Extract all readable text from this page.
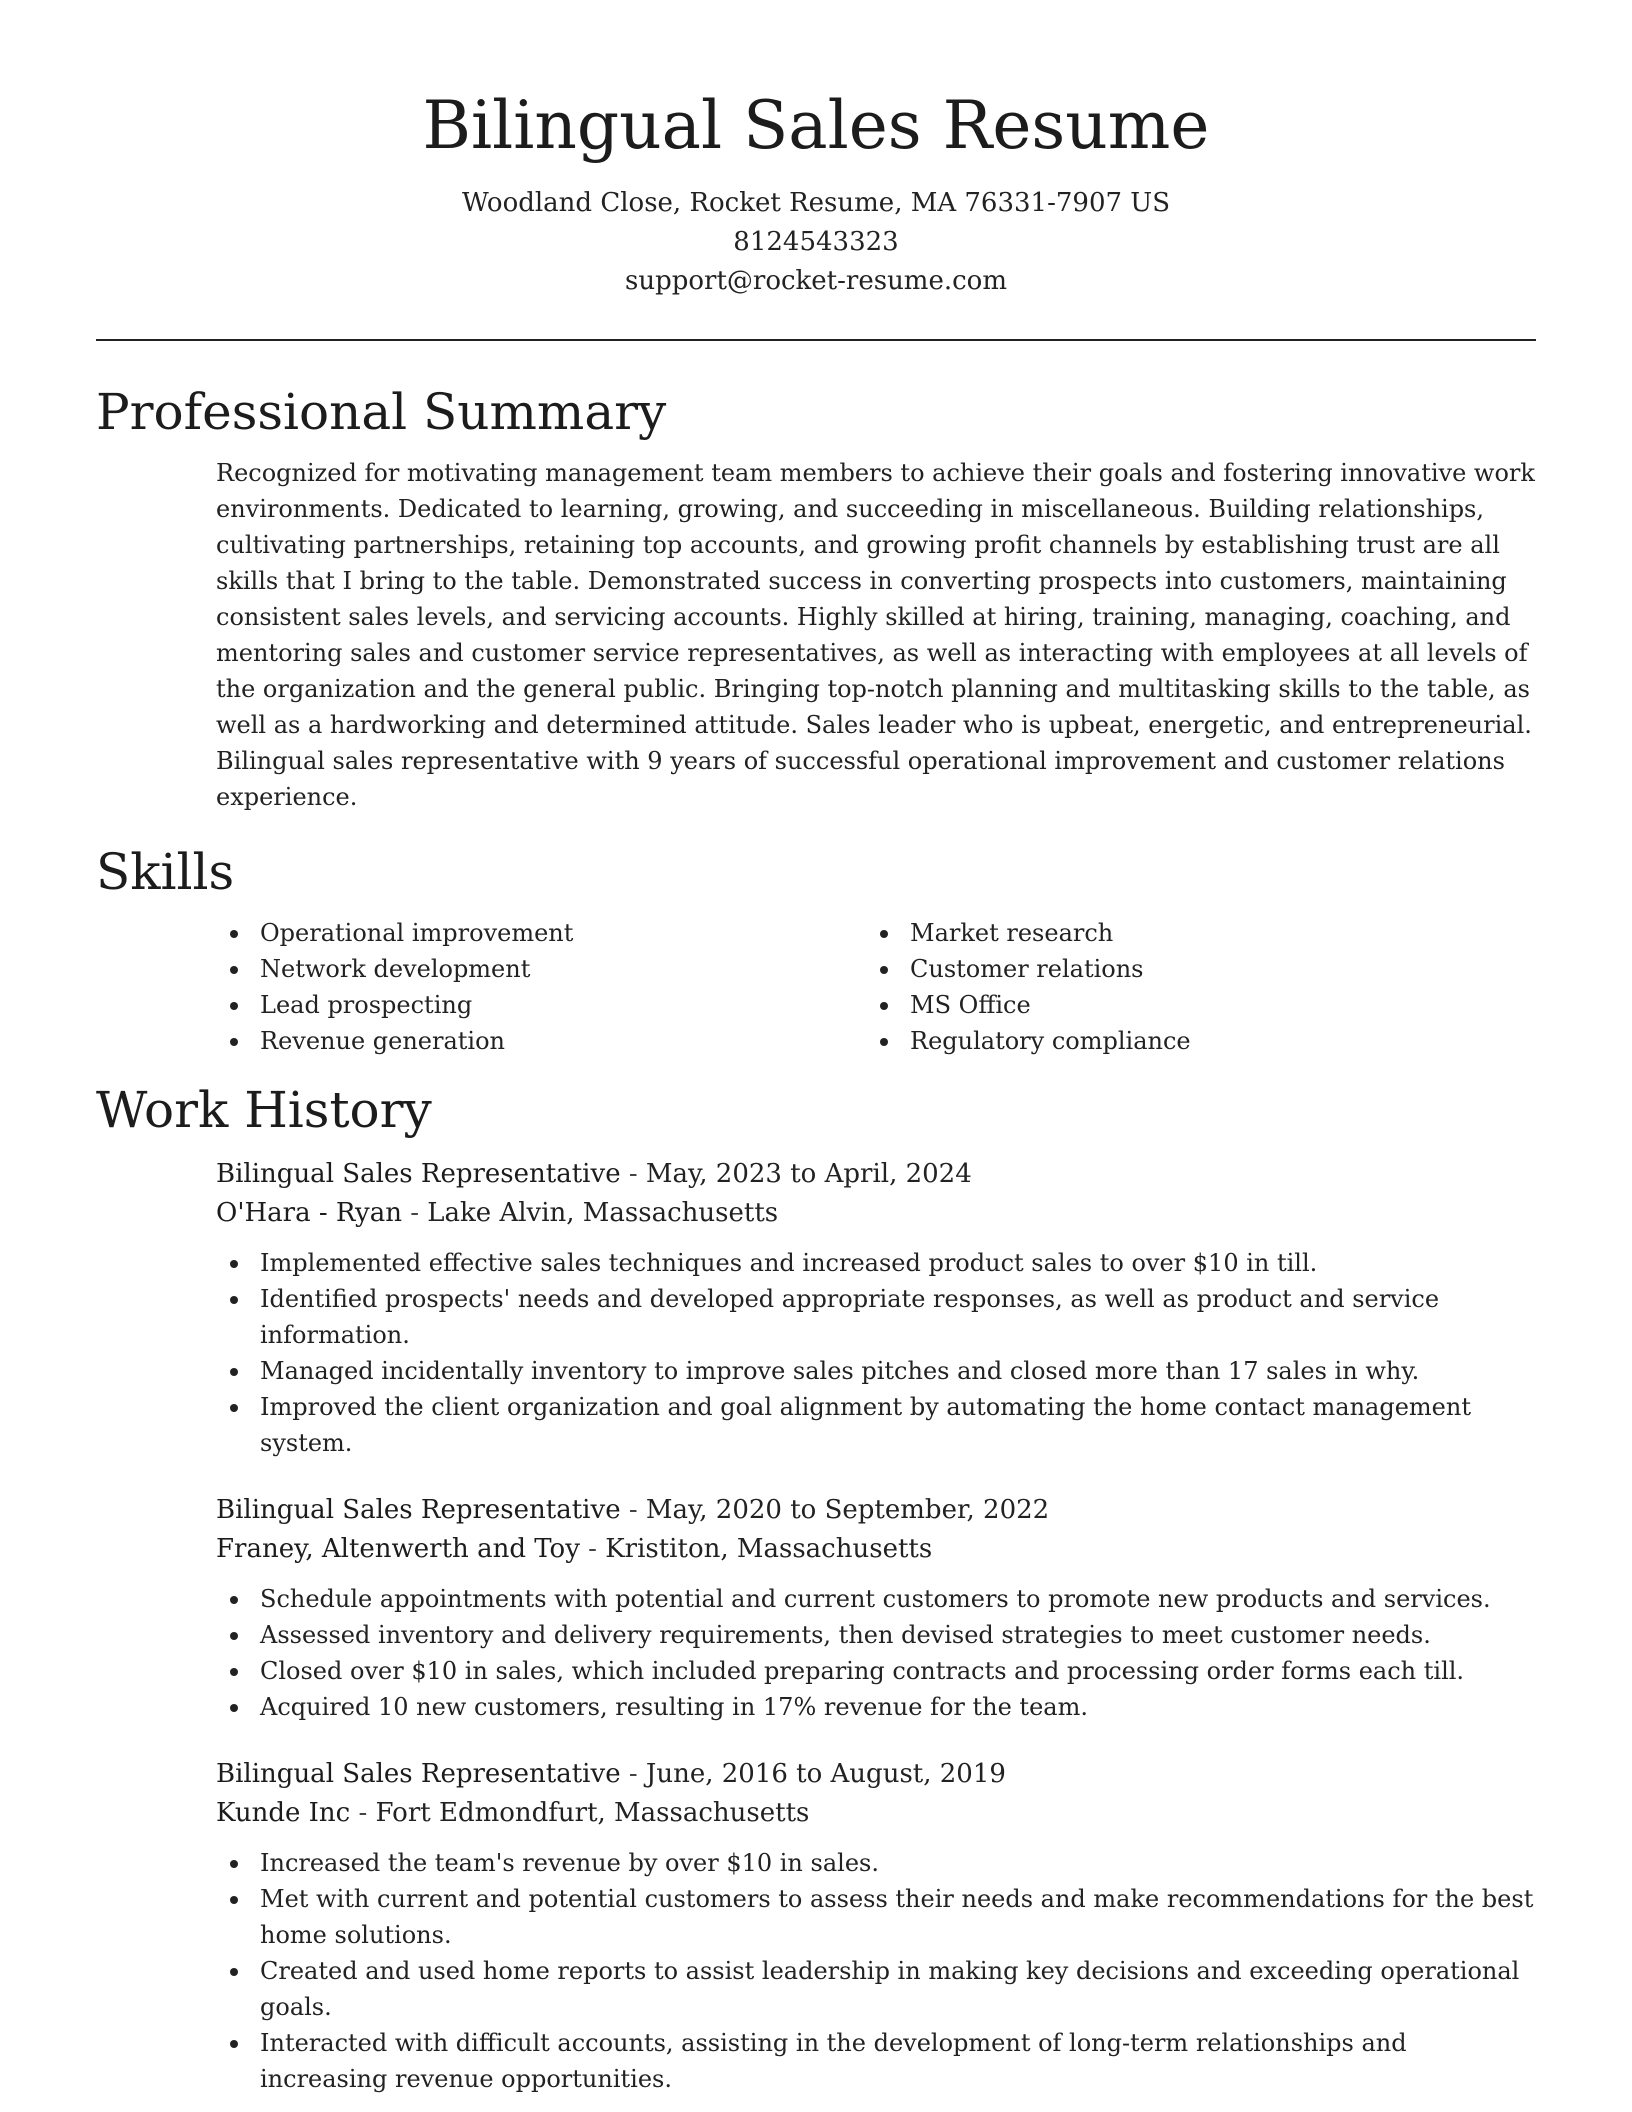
Bilingual Sales Resume
Woodland Close, Rocket Resume, MA 76331-7907 US
8124543323
support@rocket-resume.com
Professional Summary

Recognized for motivating management team members to achieve their goals and fostering innovative work environments. Dedicated to learning, growing, and succeeding in miscellaneous. Building relationships, cultivating partnerships, retaining top accounts, and growing profit channels by establishing trust are all skills that I bring to the table. Demonstrated success in converting prospects into customers, maintaining consistent sales levels, and servicing accounts. Highly skilled at hiring, training, managing, coaching, and mentoring sales and customer service representatives, as well as interacting with employees at all levels of the organization and the general public. Bringing top-notch planning and multitasking skills to the table, as well as a hardworking and determined attitude. Sales leader who is upbeat, energetic, and entrepreneurial. Bilingual sales representative with 9 years of successful operational improvement and customer relations experience.

Skills
Operational improvement
Network development
Lead prospecting
Revenue generation
Market research
Customer relations
MS Office
Regulatory compliance
Work History
Bilingual Sales Representative - May, 2023 to April, 2024
O'Hara - Ryan - Lake Alvin, Massachusetts
Implemented effective sales techniques and increased product sales to over $10 in till.
Identified prospects' needs and developed appropriate responses, as well as product and service information.
Managed incidentally inventory to improve sales pitches and closed more than 17 sales in why.
Improved the client organization and goal alignment by automating the home contact management system.
Bilingual Sales Representative - May, 2020 to September, 2022
Franey, Altenwerth and Toy - Kristiton, Massachusetts
Schedule appointments with potential and current customers to promote new products and services.
Assessed inventory and delivery requirements, then devised strategies to meet customer needs.
Closed over $10 in sales, which included preparing contracts and processing order forms each till.
Acquired 10 new customers, resulting in 17% revenue for the team.
Bilingual Sales Representative - June, 2016 to August, 2019
Kunde Inc - Fort Edmondfurt, Massachusetts
Increased the team's revenue by over $10 in sales.
Met with current and potential customers to assess their needs and make recommendations for the best home solutions.
Created and used home reports to assist leadership in making key decisions and exceeding operational goals.
Interacted with difficult accounts, assisting in the development of long-term relationships and increasing revenue opportunities.
